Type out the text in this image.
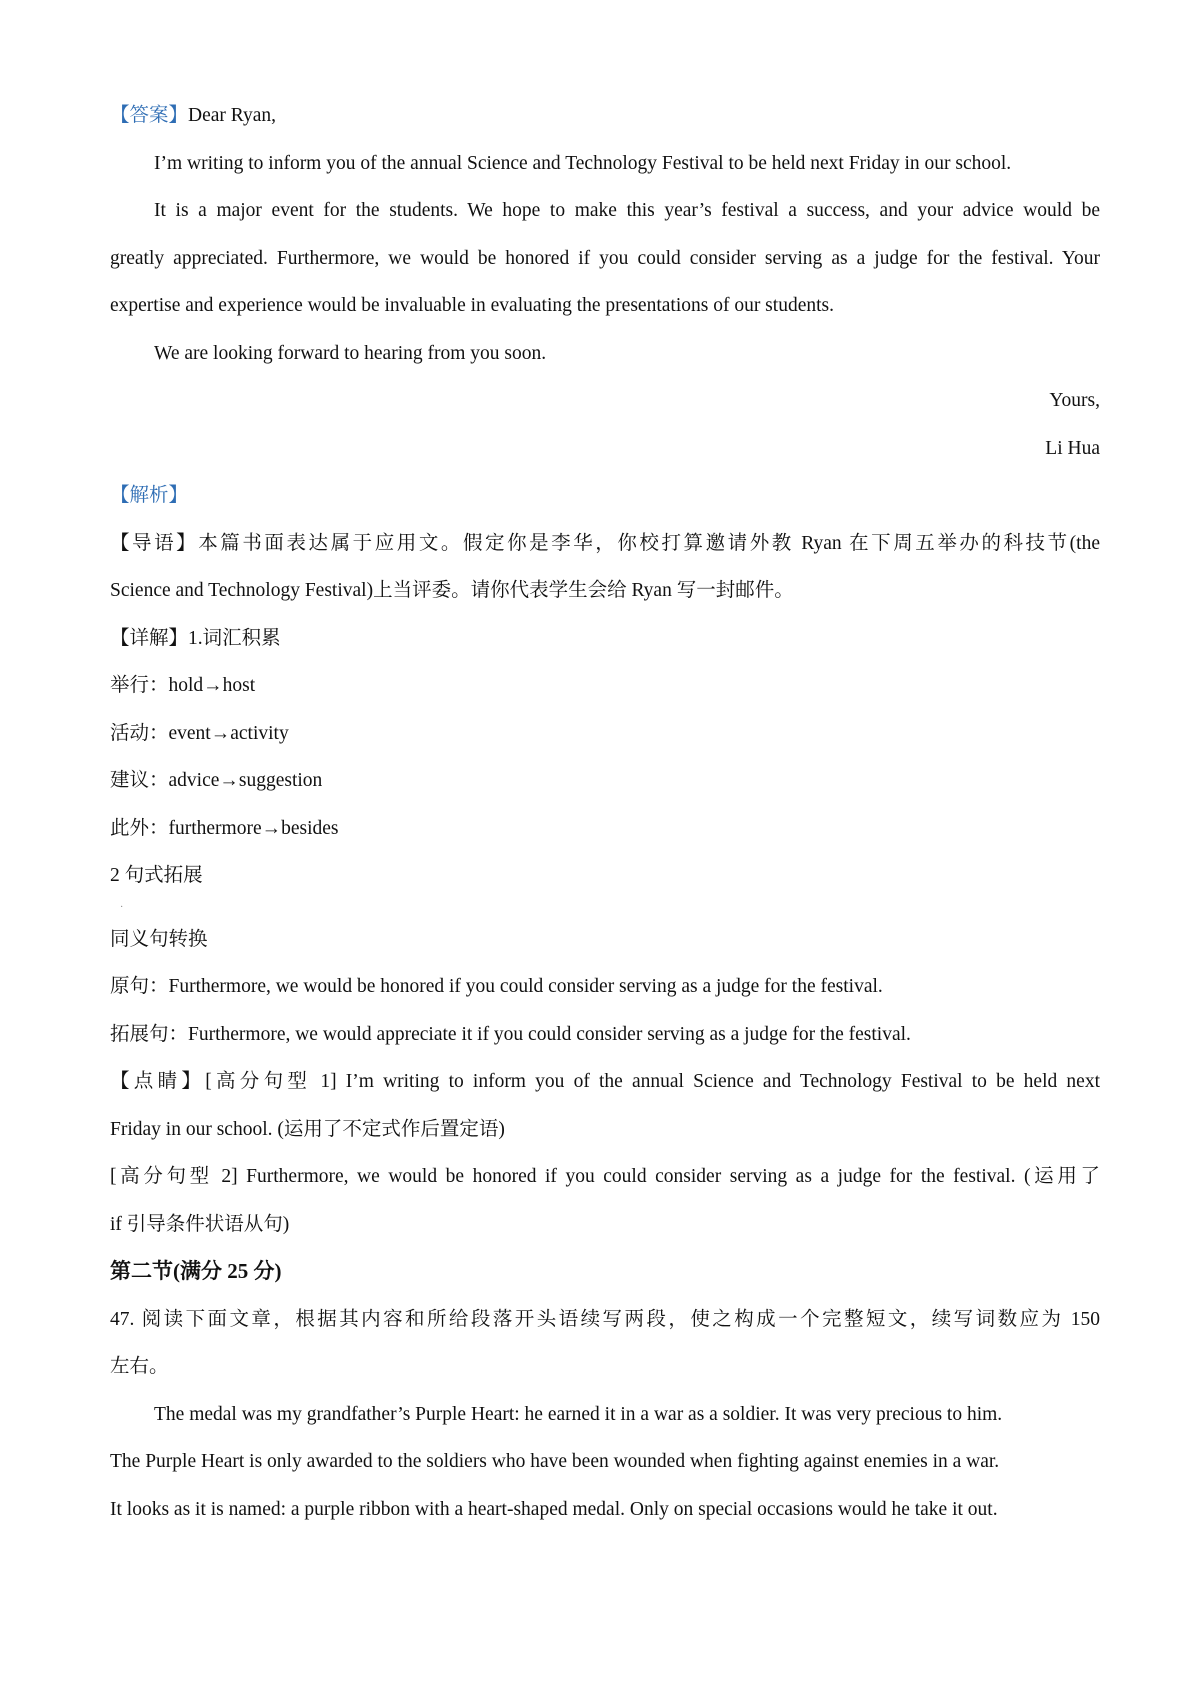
【答案】Dear Ryan,

I’m writing to inform you of the annual Science and Technology Festival to be held next Friday in our school.

It is a major event for the students. We hope to make this year’s festival a success, and your advice would be

greatly appreciated. Furthermore, we would be honored if you could consider serving as a judge for the festival. Your

expertise and experience would be invaluable in evaluating the presentations of our students.

We are looking forward to hearing from you soon.

Yours,

Li Hua

【解析】

【导语】本篇书面表达属于应用文。假定你是李华，你校打算邀请外教 Ryan 在下周五举办的科技节(the

Science and Technology Festival)上当评委。请你代表学生会给 Ryan 写一封邮件。

【详解】1.词汇积累

举行：hold→host

活动：event→activity

建议：advice→suggestion

此外：furthermore→besides

2 句式拓展

·

同义句转换

原句：Furthermore, we would be honored if you could consider serving as a judge for the festival.

拓展句：Furthermore, we would appreciate it if you could consider serving as a judge for the festival.

【点睛】[高分句型 1] I’m writing to inform you of the annual Science and Technology Festival to be held next

Friday in our school. (运用了不定式作后置定语)

[高分句型 2] Furthermore, we would be honored if you could consider serving as a judge for the festival. (运用了

if 引导条件状语从句)

第二节(满分 25 分)

47. 阅读下面文章，根据其内容和所给段落开头语续写两段，使之构成一个完整短文，续写词数应为 150

左右。

The medal was my grandfather’s Purple Heart: he earned it in a war as a soldier. It was very precious to him.

The Purple Heart is only awarded to the soldiers who have been wounded when fighting against enemies in a war.

It looks as it is named: a purple ribbon with a heart-shaped medal. Only on special occasions would he take it out.
